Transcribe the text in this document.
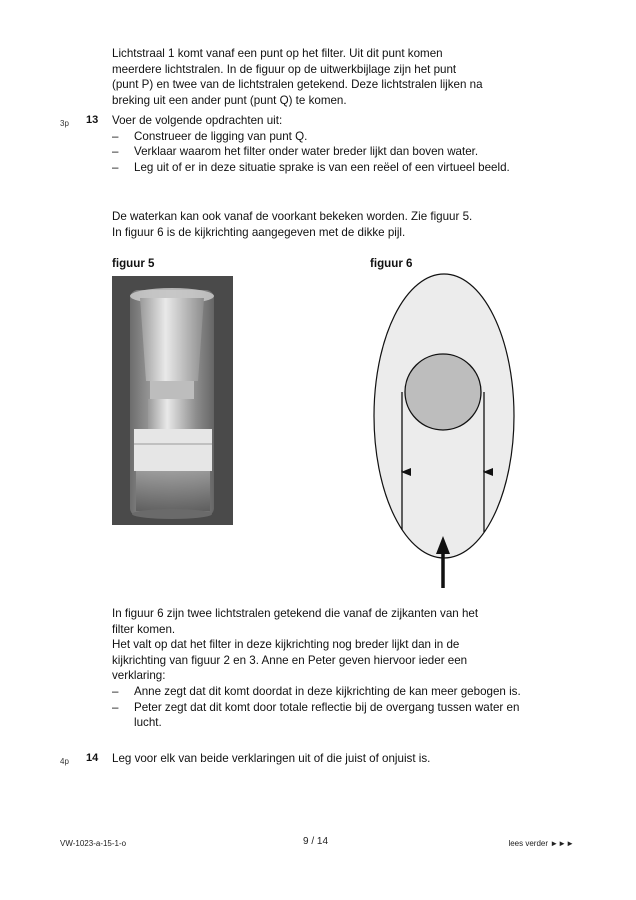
Lichtstraal 1 komt vanaf een punt op het filter. Uit dit punt komen
meerdere lichtstralen. In de figuur op de uitwerkbijlage zijn het punt
(punt P) en twee van de lichtstralen getekend. Deze lichtstralen lijken na
breking uit een ander punt (punt Q) te komen.
3p 13 Voer de volgende opdrachten uit:
– Construeer de ligging van punt Q.
– Verklaar waarom het filter onder water breder lijkt dan boven water.
– Leg uit of er in deze situatie sprake is van een reëel of een virtueel beeld.
De waterkan kan ook vanaf de voorkant bekeken worden. Zie figuur 5.
In figuur 6 is de kijkrichting aangegeven met de dikke pijl.
figuur 5	figuur 6
In figuur 6 zijn twee lichtstralen getekend die vanaf de zijkanten van het
filter komen.
Het valt op dat het filter in deze kijkrichting nog breder lijkt dan in de
kijkrichting van figuur 2 en 3. Anne en Peter geven hiervoor ieder een
verklaring:
– Anne zegt dat dit komt doordat in deze kijkrichting de kan meer gebogen is.
– Peter zegt dat dit komt door totale reflectie bij de overgang tussen water en lucht.
4p 14 Leg voor elk van beide verklaringen uit of die juist of onjuist is.
VW-1023-a-15-1-o	9 / 14	lees verder ►►►
